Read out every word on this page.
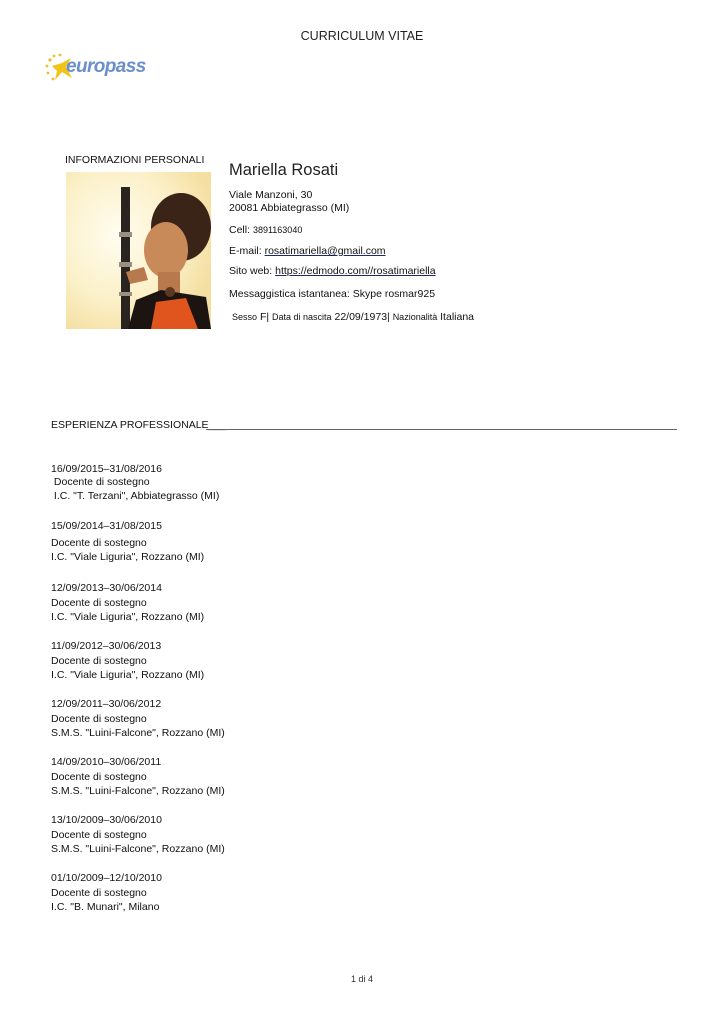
CURRICULUM VITAE
europass
INFORMAZIONI PERSONALI
Mariella Rosati
Viale Manzoni, 30
20081 Abbiategrasso (MI)
Cell: 3891163040
E-mail: rosatimariella@gmail.com
Sito web: https://edmodo.com//rosatimariella
Messaggistica istantanea: Skype rosmar925
Sesso F| Data di nascita 22/09/1973| Nazionalità Italiana
ESPERIENZA PROFESSIONALE___
16/09/2015–31/08/2016
Docente di sostegno
I.C. "T. Terzani", Abbiategrasso (MI)
15/09/2014–31/08/2015
Docente di sostegno
I.C. "Viale Liguria", Rozzano (MI)
12/09/2013–30/06/2014
Docente di sostegno
I.C. "Viale Liguria", Rozzano (MI)
11/09/2012–30/06/2013
Docente di sostegno
I.C. "Viale Liguria", Rozzano (MI)
12/09/2011–30/06/2012
Docente di sostegno
S.M.S. "Luini-Falcone", Rozzano (MI)
14/09/2010–30/06/2011
Docente di sostegno
S.M.S. "Luini-Falcone", Rozzano (MI)
13/10/2009–30/06/2010
Docente di sostegno
S.M.S. "Luini-Falcone", Rozzano (MI)
01/10/2009–12/10/2010
Docente di sostegno
I.C. "B. Munari", Milano
1 di 4
